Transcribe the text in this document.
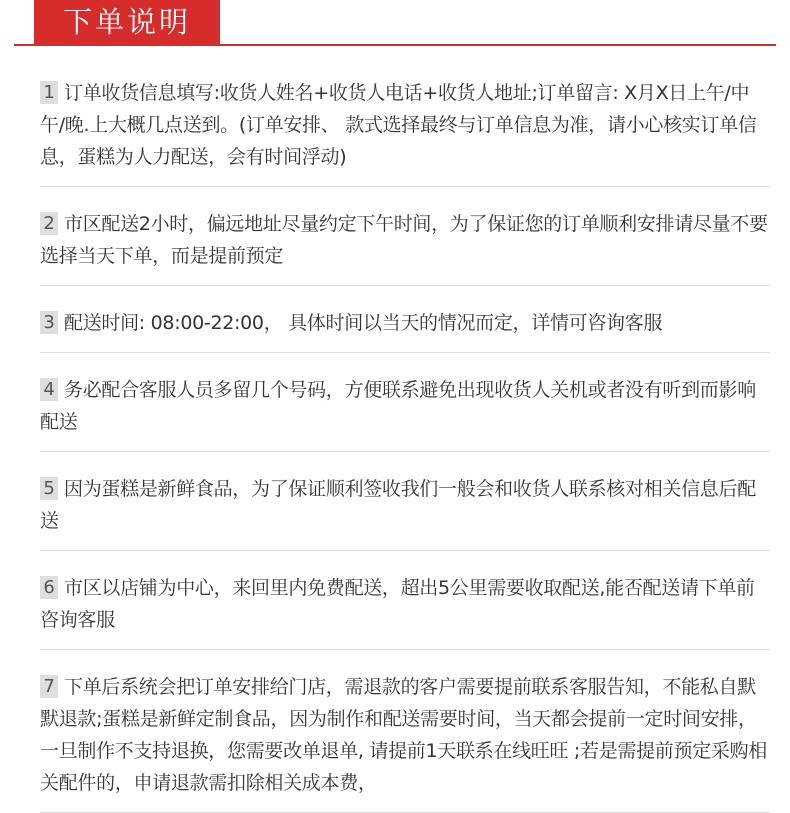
下单说明
1 订单收货信息填写:收货人姓名+收货人电话+收货人地址;订单留言: X月X日上午/中午/晚.上大概几点送到。(订单安排、 款式选择最终与订单信息为准，请小心核实订单信息，蛋糕为人力配送，会有时间浮动)
2 市区配送2小时，偏远地址尽量约定下午时间，为了保证您的订单顺利安排请尽量不要选择当天下单，而是提前预定
3 配送时间: 08:00-22:00， 具体时间以当天的情况而定，详情可咨询客服
4 务必配合客服人员多留几个号码，方便联系避免出现收货人关机或者没有听到而影响配送
5 因为蛋糕是新鲜食品，为了保证顺利签收我们一般会和收货人联系核对相关信息后配送
6 市区以店铺为中心，来回里内免费配送，超出5公里需要收取配送,能否配送请下单前咨询客服
7 下单后系统会把订单安排给门店，需退款的客户需要提前联系客服告知，不能私自默默退款;蛋糕是新鲜定制食品，因为制作和配送需要时间，当天都会提前一定时间安排，一旦制作不支持退换，您需要改单退单, 请提前1天联系在线旺旺 ;若是需提前预定采购相关配件的，申请退款需扣除相关成本费，
